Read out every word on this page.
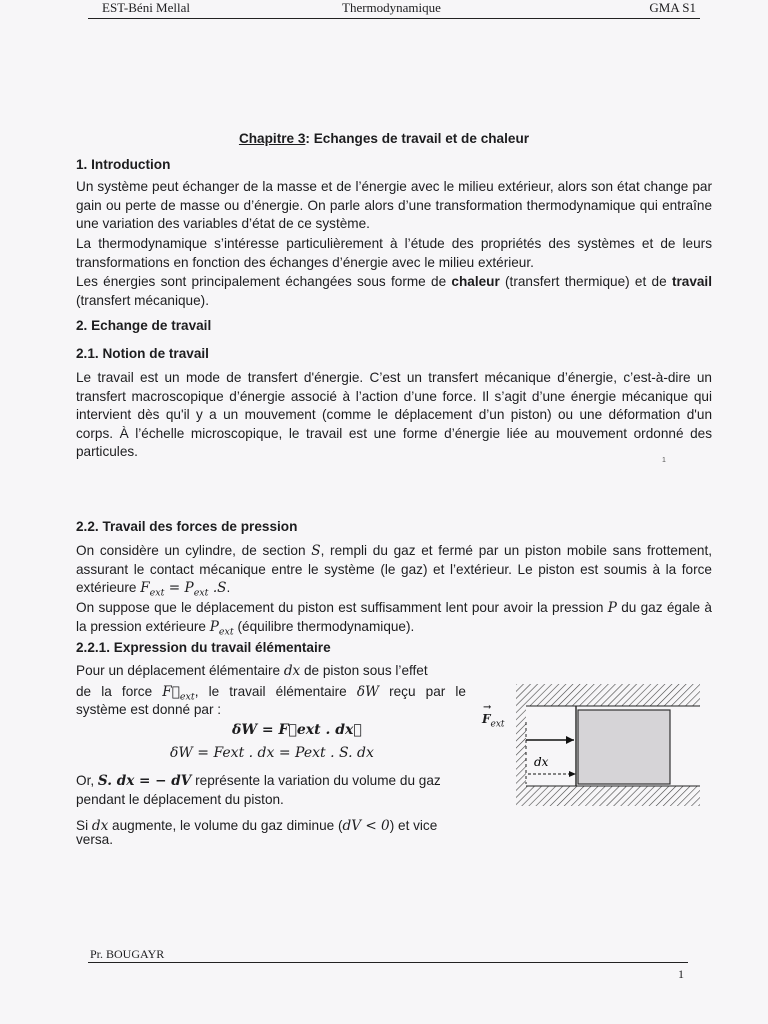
EST-Béni Mellal	Thermodynamique	GMA S1
Chapitre 3: Echanges de travail et de chaleur
1. Introduction
Un système peut échanger de la masse et de l’énergie avec le milieu extérieur, alors son état change par gain ou perte de masse ou d’énergie. On parle alors d’une transformation thermodynamique qui entraîne une variation des variables d’état de ce système.
La thermodynamique s’intéresse particulièrement à l’étude des propriétés des systèmes et de leurs transformations en fonction des échanges d’énergie avec le milieu extérieur.
Les énergies sont principalement échangées sous forme de chaleur (transfert thermique) et de travail (transfert mécanique).
2. Echange de travail
2.1. Notion de travail
Le travail est un mode de transfert d'énergie. C’est un transfert mécanique d’énergie, c’est-à-dire un transfert macroscopique d’énergie associé à l’action d’une force. Il s’agit d’une énergie mécanique qui intervient dès qu'il y a un mouvement (comme le déplacement d’un piston) ou une déformation d'un corps. À l’échelle microscopique, le travail est une forme d’énergie liée au mouvement ordonné des particules.
1
2.2. Travail des forces de pression
On considère un cylindre, de section S, rempli du gaz et fermé par un piston mobile sans frottement, assurant le contact mécanique entre le système (le gaz) et l’extérieur. Le piston est soumis à la force extérieure $F_{ext} = P_{ext}$ .S.
On suppose que le déplacement du piston est suffisamment lent pour avoir la pression P du gaz égale à la pression extérieure $P_{ext}$ (équilibre thermodynamique).
2.2.1. Expression du travail élémentaire
Pour un déplacement élémentaire dx de piston sous l’effet
de la force $F⃗_{ext}$, le travail élémentaire δW reçu par le
système est donné par :
δW = F⃗ext . dx⃗
δW = Fext . dx = Pext . S. dx
Or, S. dx = − dV représente la variation du volume du gaz
pendant le déplacement du piston.
Si dx augmente, le volume du gaz diminue (dV < 0) et vice
versa.
dx
→
$F_{ext}$
Pr. BOUGAYR
1
